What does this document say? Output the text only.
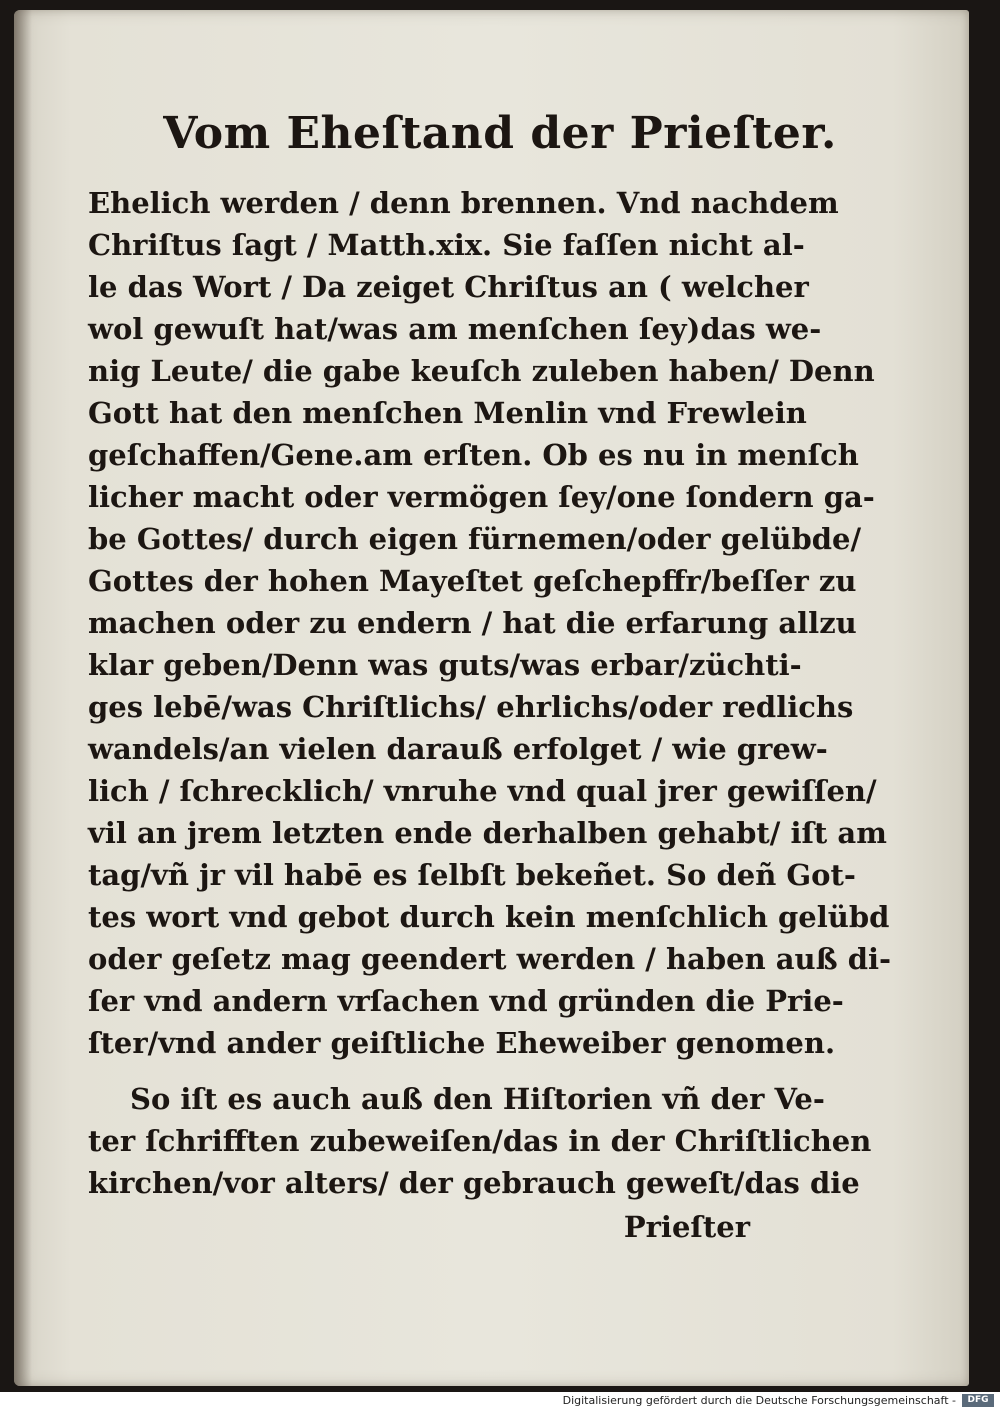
Vom Eheſtand der Prieſter.
Ehelich werden / denn brennen. Vnd nachdem
Chriſtus ſagt / Matth.xix. Sie faſſen nicht al-
le das Wort / Da zeiget Chriſtus an ( welcher
wol gewuſt hat/was am menſchen ſey)das we-
nig Leute/ die gabe keuſch zuleben haben/ Denn
Gott hat den menſchen Menlin vnd Frewlein
geſchaffen/Gene.am erſten. Ob es nu in menſch
licher macht oder vermögen ſey/one ſondern ga-
be Gottes/ durch eigen fürnemen/oder gelübde/
Gottes der hohen Mayeſtet geſchepffr/beſſer zu
machen oder zu endern / hat die erfarung allzu
klar geben/Denn was guts/was erbar/züchti-
ges lebē/was Chriſtlichs/ ehrlichs/oder redlichs
wandels/an vielen darauß erfolget / wie grew-
lich / ſchrecklich/ vnruhe vnd qual jrer gewiſſen/
vil an jrem letzten ende derhalben gehabt/ iſt am
tag/vñ jr vil habē es ſelbſt bekeñet. So deñ Got-
tes wort vnd gebot durch kein menſchlich gelübd
oder geſetz mag geendert werden / haben auß di-
ſer vnd andern vrſachen vnd gründen die Prie-
ſter/vnd ander geiſtliche Eheweiber genomen.
So iſt es auch auß den Hiſtorien vñ der Ve-
ter ſchrifften zubeweiſen/das in der Chriſtlichen
kirchen/vor alters/ der gebrauch geweſt/das die
Prieſter
Digitalisierung gefördert durch die Deutsche Forschungsgemeinschaft -	DFG
